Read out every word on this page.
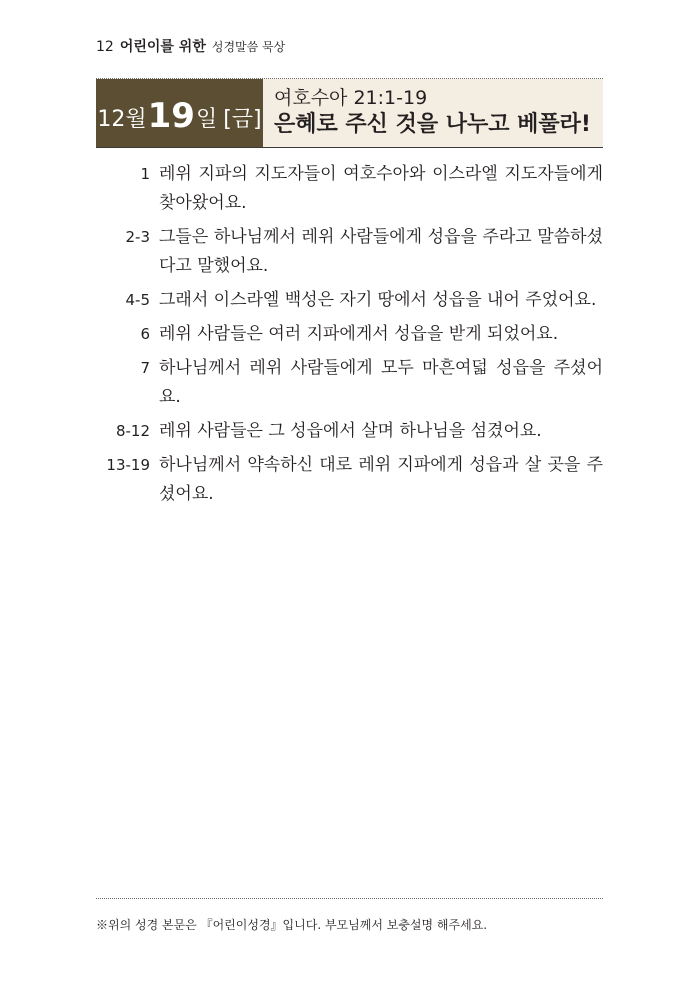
12 어린이를 위한 성경말씀 묵상
12월 19 일 [금]
여호수아 21:1-19
은혜로 주신 것을 나누고 베풀라!
1 레위 지파의 지도자들이 여호수아와 이스라엘 지도자들에게 찾아왔어요.
2-3 그들은 하나님께서 레위 사람들에게 성읍을 주라고 말씀하셨다고 말했어요.
4-5 그래서 이스라엘 백성은 자기 땅에서 성읍을 내어 주었어요.
6 레위 사람들은 여러 지파에게서 성읍을 받게 되었어요.
7 하나님께서 레위 사람들에게 모두 마흔여덟 성읍을 주셨어요.
8-12 레위 사람들은 그 성읍에서 살며 하나님을 섬겼어요.
13-19 하나님께서 약속하신 대로 레위 지파에게 성읍과 살 곳을 주셨어요.
※위의 성경 본문은 『어린이성경』입니다. 부모님께서 보충설명 해주세요.
